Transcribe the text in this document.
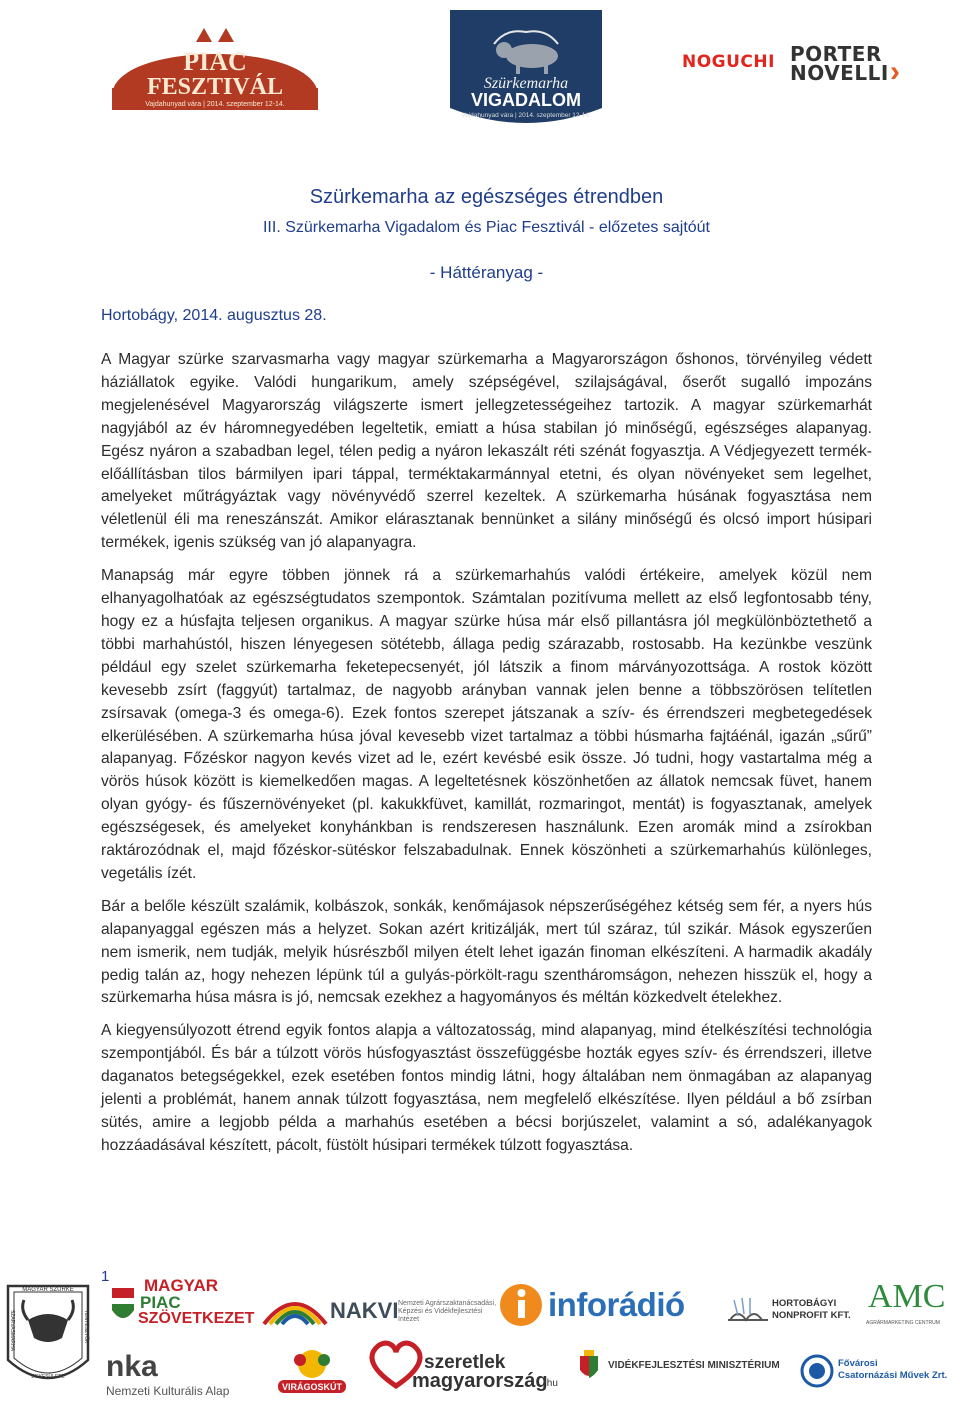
PIAC
FESZTIVÁL
Vajdahunyad vára | 2014. szeptember 12-14.
Szürkemarha
VIGADALOM
Vajdahunyad vára | 2014. szeptember 12-14.
NOGUCHI PORTER
NOVELLI ›
Szürkemarha az egészséges étrendben
III. Szürkemarha Vigadalom és Piac Fesztivál - előzetes sajtóút
- Háttéranyag -
Hortobágy, 2014. augusztus 28.

A Magyar szürke szarvasmarha vagy magyar szürkemarha a Magyarországon őshonos, törvényileg védett háziállatok egyike. Valódi hungarikum, amely szépségével, szilajságával, őserőt sugalló impozáns megjelenésével Magyarország világszerte ismert jellegzetességeihez tartozik. A magyar szürkemarhát nagyjából az év háromnegyedében legeltetik, emiatt a húsa stabilan jó minőségű, egészséges alapanyag. Egész nyáron a szabadban legel, télen pedig a nyáron lekaszált réti szénát fogyasztja. A Védjegyezett termék-előállításban tilos bármilyen ipari táppal, terméktakarmánnyal etetni, és olyan növényeket sem legelhet, amelyeket műtrágyáztak vagy növényvédő szerrel kezeltek. A szürkemarha húsának fogyasztása nem véletlenül éli ma reneszánszát. Amikor elárasztanak bennünket a silány minőségű és olcsó import húsipari termékek, igenis szükség van jó alapanyagra.

Manapság már egyre többen jönnek rá a szürkemarhahús valódi értékeire, amelyek közül nem elhanyagolhatóak az egészségtudatos szempontok. Számtalan pozitívuma mellett az első legfontosabb tény, hogy ez a húsfajta teljesen organikus. A magyar szürke húsa már első pillantásra jól megkülönböztethető a többi marhahústól, hiszen lényegesen sötétebb, állaga pedig szárazabb, rostosabb. Ha kezünkbe veszünk például egy szelet szürkemarha feketepecsenyét, jól látszik a finom márványozottsága. A rostok között kevesebb zsírt (faggyút) tartalmaz, de nagyobb arányban vannak jelen benne a többszörösen telítetlen zsírsavak (omega-3 és omega-6). Ezek fontos szerepet játszanak a szív- és érrendszeri megbetegedések elkerülésében. A szürkemarha húsa jóval kevesebb vizet tartalmaz a többi húsmarha fajtáénál, igazán „sűrű” alapanyag. Főzéskor nagyon kevés vizet ad le, ezért kevésbé esik össze. Jó tudni, hogy vastartalma még a vörös húsok között is kiemelkedően magas. A legeltetésnek köszönhetően az állatok nemcsak füvet, hanem olyan gyógy- és fűszernövényeket (pl. kakukkfüvet, kamillát, rozmaringot, mentát) is fogyasztanak, amelyek egészségesek, és amelyeket konyhánkban is rendszeresen használunk. Ezen aromák mind a zsírokban raktározódnak el, majd főzéskor-sütéskor felszabadulnak. Ennek köszönheti a szürkemarhahús különleges, vegetális ízét.

Bár a belőle készült szalámik, kolbászok, sonkák, kenőmájasok népszerűségéhez kétség sem fér, a nyers hús alapanyaggal egészen más a helyzet. Sokan azért kritizálják, mert túl száraz, túl szikár. Mások egyszerűen nem ismerik, nem tudják, melyik húsrészből milyen ételt lehet igazán finoman elkészíteni. A harmadik akadály pedig talán az, hogy nehezen lépünk túl a gulyás-pörkölt-ragu szentháromságon, nehezen hisszük el, hogy a szürkemarha húsa másra is jó, nemcsak ezekhez a hagyományos és méltán közkedvelt ételekhez.

A kiegyensúlyozott étrend egyik fontos alapja a változatosság, mind alapanyag, mind ételkészítési technológia szempontjából. És bár a túlzott vörös húsfogyasztást összefüggésbe hozták egyes szív- és érrendszeri, illetve daganatos betegségekkel, ezek esetében fontos mindig látni, hogy általában nem önmagában az alapanyag jelenti a problémát, hanem annak túlzott fogyasztása, nem megfelelő elkészítése. Ilyen például a bő zsírban sütés, amire a legjobb példa a marhahús esetében a bécsi borjúszelet, valamint a só, adalékanyagok hozzáadásával készített, pácolt, füstölt húsipari termékek túlzott fogyasztása.

1
MAGYAR SZÜRKE
SZARVASMARHA	TENYÉSZTŐK
EGYESÜLETE
MAGYAR
PIAC
SZÖVETKEZET	NAKVI Nemzeti Agrárszaktanácsadási, Képzési és Vidékfejlesztési Intézet	inforádió	HORTOBÁGYI
NONPROFIT KFT.
AMC
AGRÁRMARKETING CENTRUM
nka
Nemzeti Kulturális Alap	VIRÁGOSKÚT
szeretlek
magyarország
.hu
VIDÉKFEJLESZTÉSI MINISZTÉRIUM	Fővárosi
Csatornázási Művek Zrt.
